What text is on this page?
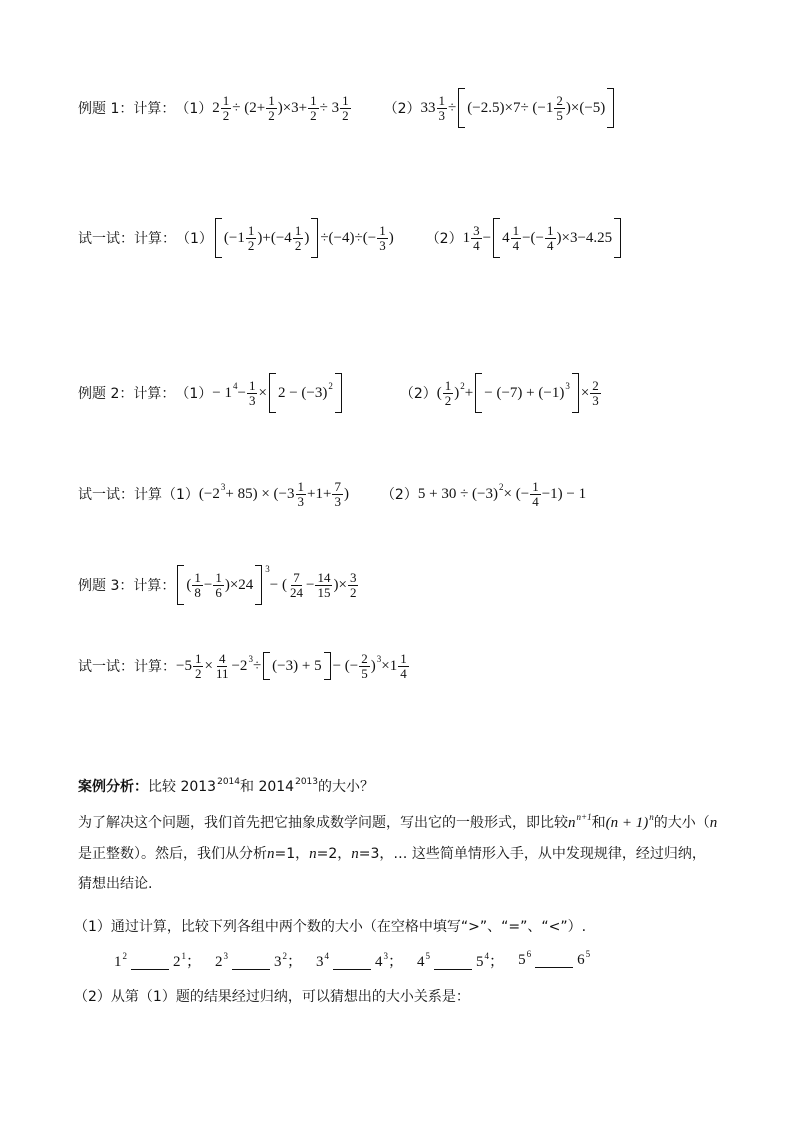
例题 1：计算： （1） $2 \frac{1}{2} \div (2+ \frac{1}{2} )\times 3+ \frac{1}{2} \div 3 \frac{1}{2} (2)$ $33 \frac{1}{3} \div (-2.5)\times 7\div (-1 \frac{2}{5} )\times(-5)$
试一试：计算： （1） $(-1 \frac{1}{2} )+(-4 \frac{1}{2}$ ) $\div(-4)\div(- \frac{1}{3}$ ) （2） $1 \frac{3}{4} - 4 \frac{1}{4}$ −(− $\frac{1}{4} )\times 3-4.25$
例题 2：计算： $(1) - 1^4 - \frac{1}{3} \times 2 - (-3)^2$	（2） ( $\frac{1}{2} )^2$ +
− $(-7) + (-1)^3 \times \frac{2}{3}$
试一试：计算 （1） $(-2^3 + 85) \times (-3 \frac{1}{3} +1+ \frac{7}{3}$ ) （2） $5 + 30 \div (-3)^2$ × (− $\frac{1}{4} -1) - 1$
例题 3：计算： ( $\frac{1}{8} - \frac{1}{6} )\times 24$
$^3$
− ( $\frac{7}{24} - \frac{14}{15}$ )× $\frac{3}{2}$
试一试：计算： $-5 \frac{1}{2} \times \frac{4}{11} -2^3 \div (-3) + 5$ − (− $\frac{2}{5} )^3 \times 1 \frac{1}{4}$
案例分析：比较 $2013^{2014}$和 $2014^{2013}$的大小？
为了解决这个问题，我们首先把它抽象成数学问题，写出它的一般形式，即比较$n^{n+1}$和$(n + 1)^n$的大小（n
是正整数）。然后，我们从分析n=1，n=2，n=3，… 这些简单情形入手，从中发现规律，经过归纳，猜想出结论.
（1）通过计算，比较下列各组中两个数的大小（在空格中填写“>”、“=”、“<”）.
$1^2$	$2^1$； $2^3$	$3^2$； $3^4$	$4^3$； $4^5$	$5^4$； $5^6$	$6^5$
（2）从第（1）题的结果经过归纳，可以猜想出的大小关系是：
